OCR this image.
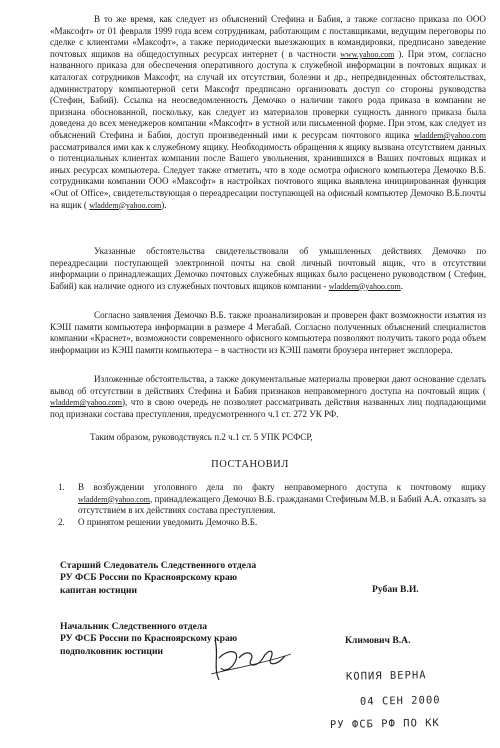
В то же время, как следует из объяснений Стефина и Бабия, а также согласно приказа по ООО «Максофт» от 01 февраля 1999 года всем сотрудникам, работающим с поставщиками, ведущим переговоры по сделке с клиентами «Максофт», а также периодически выезжающих в командировки, предписано заведение почтовых ящиков на общедоступных ресурсах интернет ( в частности www.yahoo.com ). При этом, согласно названного приказа для обеспечения оперативного доступа к служебной информации в почтовых ящиках и каталогах сотрудников Максофт, на случай их отсутствия, болезни и др., непредвиденных обстоятельствах, администратору компьютерной сети Максофт предписано организовать доступ со стороны руководства (Стефин, Бабий). Ссылка на неосведомленность Демочко о наличии такого рода приказа в компании не признана обоснованной, поскольку, как следует из материалов проверки сущность данного приказа была доведена до всех менеджеров компании «Максофт» в устной или письменной форме. При этом, как следует из объяснений Стефина и Бабия, доступ произведенный ими к ресурсам почтового ящика wladdem@yahoo.com рассматривался ими как к служебному ящику. Необходимость обращения к ящику вызвана отсутствием данных о потенциальных клиентах компании после Вашего увольнения, хранившихся в Ваших почтовых ящиках и иных ресурсах компьютера. Следует также отметить, что в ходе осмотра офисного компьютера Демочко В.Б. сотрудниками компании ООО «Максофт» в настройках почтового ящика выявлена инициированная функция «Out of Office», свидетельствующая о переадресации поступающей на офисный компьютер Демочко В.Б.почты на ящик ( wladdem@yahoo.com).

Указанные обстоятельства свидетельствовали об умышленных действиях Демочко по переадресации поступающей электронной почты на свой личный почтовый ящик, что в отсутствии информации о принадлежащих Демочко почтовых служебных ящиках было расценено руководством ( Стефин, Бабий) как наличие одного из служебных почтовых ящиков компании - wladdem@yahoo.com.

Согласно заявления Демочко В.Б. также проанализирован и проверен факт возможности изъятия из КЭШ памяти компьютера информации в размере 4 Мегабай. Согласно полученных объяснений специалистов компании «Краснет», возможности современного офисного компьютера позволяют получить такого рода объем информации из КЭШ памяти компьютера – в частности из КЭШ памяти броузера интернет эксплорера.

Изложенные обстоятельства, а также документальные материалы проверки дают основание сделать вывод об отсутствии в действиях Стефина и Бабия признаков неправомерного доступа на почтовый ящик ( wladdem@yahoo.com), что в свою очередь не позволяет рассматривать действия названных лиц подпадающими под признаки состава преступления, предусмотренного ч.1 ст. 272 УК РФ.

Таким образом, руководствуясь п.2 ч.1 ст. 5 УПК РСФСР,

ПОСТАНОВИЛ

1. В возбуждении уголовного дела по факту неправомерного доступа к почтовому ящику wladdem@yahoo.com, принадлежащего Демочко В.Б. гражданами Стефиным М.В. и Бабий А.А. отказать за отсутствием в их действиях состава преступления.
2. О принятом решении уведомить Демочко В.Б.
Старший Следователь Следственного отдела
РУ ФСБ России по Красноярскому краю
капитан юстиции	Рубан В.И.

Начальник Следственного отдела
РУ ФСБ России по Красноярскому краю
подполковник юстиции

Климович В.А.

КОПИЯ ВЕРНА

04 СЕН 2000

РУ ФСБ РФ ПО КК
